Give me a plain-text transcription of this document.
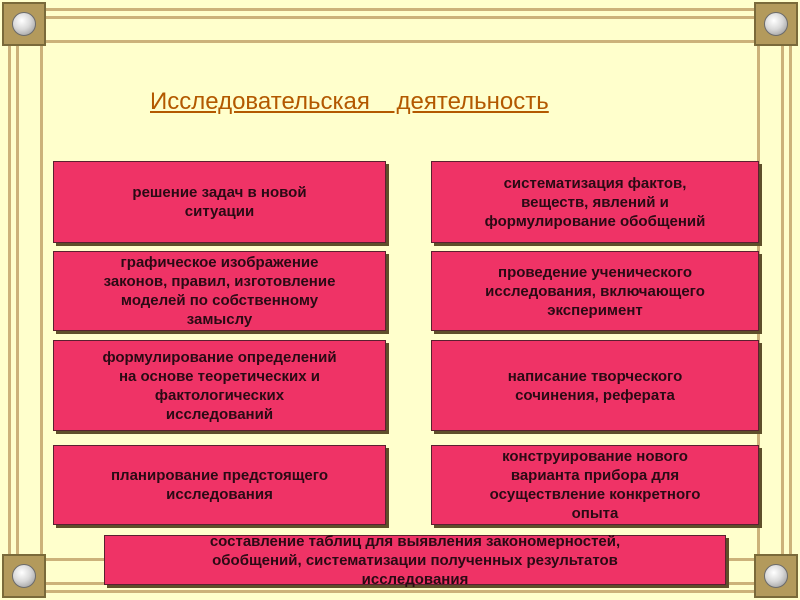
Исследовательская    деятельность
решение задач в новой
ситуации
графическое изображение
законов, правил, изготовление
моделей по собственному
замыслу
формулирование определений
на основе теоретических и
фактологических
исследований
планирование предстоящего
исследования
систематизация фактов,
веществ, явлений и
формулирование обобщений
проведение ученического
исследования, включающего
эксперимент
написание творческого
сочинения, реферата
конструирование нового
варианта прибора для
осуществление конкретного
опыта
составление таблиц для выявления закономерностей,
обобщений, систематизации полученных результатов
исследования
